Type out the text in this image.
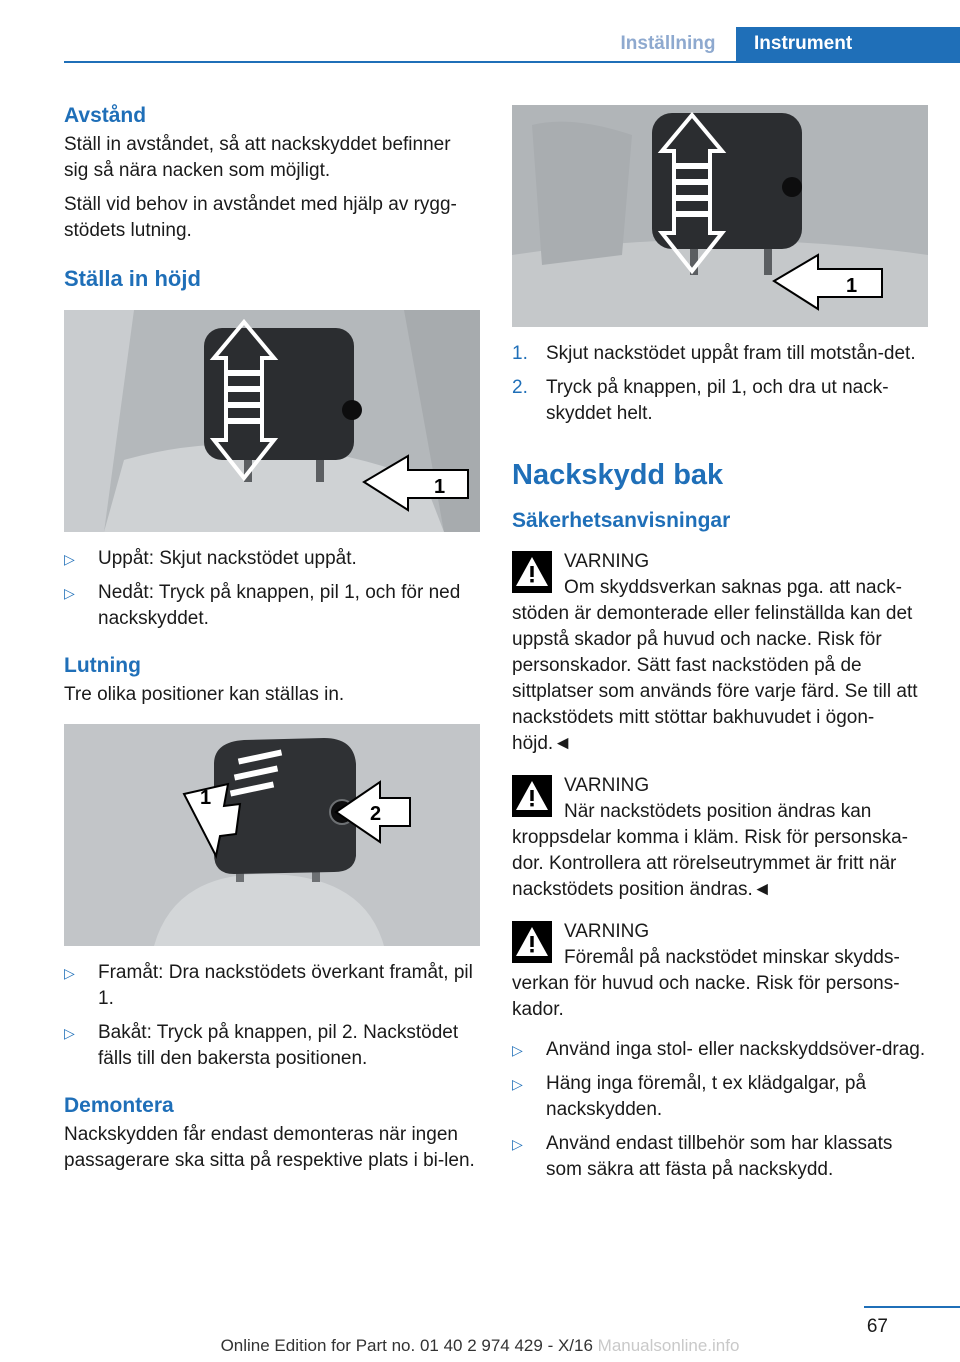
Inställning	Instrument
Avstånd

Ställ in avståndet, så att nackskyddet befinner sig så nära nacken som möjligt.

Ställ vid behov in avståndet med hjälp av rygg-stödets lutning.

Ställa in höjd
1
▷ Uppåt: Skjut nackstödet uppåt.
▷ Nedåt: Tryck på knappen, pil 1, och för ned nackskyddet.
Lutning

Tre olika positioner kan ställas in.

1
2
▷ Framåt: Dra nackstödets överkant framåt, pil 1.
▷ Bakåt: Tryck på knappen, pil 2. Nackstödet fälls till den bakersta positionen.
Demontera

Nackskydden får endast demonteras när ingen passagerare ska sitta på respektive plats i bi-len.

1
1. Skjut nackstödet uppåt fram till motstån-det.
2. Tryck på knappen, pil 1, och dra ut nack-skyddet helt.
Nackskydd bak
Säkerhetsanvisningar
VARNING
Om skyddsverkan saknas pga. att nack-stöden är demonterade eller felinställda kan det uppstå skador på huvud och nacke. Risk för personskador. Sätt fast nackstöden på de sittplatser som används före varje färd. Se till att nackstödets mitt stöttar bakhuvudet i ögon-höjd.◄
VARNING
När nackstödets position ändras kan kroppsdelar komma i kläm. Risk för personska-dor. Kontrollera att rörelseutrymmet är fritt när nackstödets position ändras.◄
VARNING
Föremål på nackstödet minskar skydds-verkan för huvud och nacke. Risk för persons-kador.
▷ Använd inga stol- eller nackskyddsöver-drag.
▷ Häng inga föremål, t ex klädgalgar, på nackskydden.
▷ Använd endast tillbehör som har klassats som säkra att fästa på nackskydd.
67
Online Edition for Part no. 01 40 2 974 429 - X/16 Manualsonline.info
